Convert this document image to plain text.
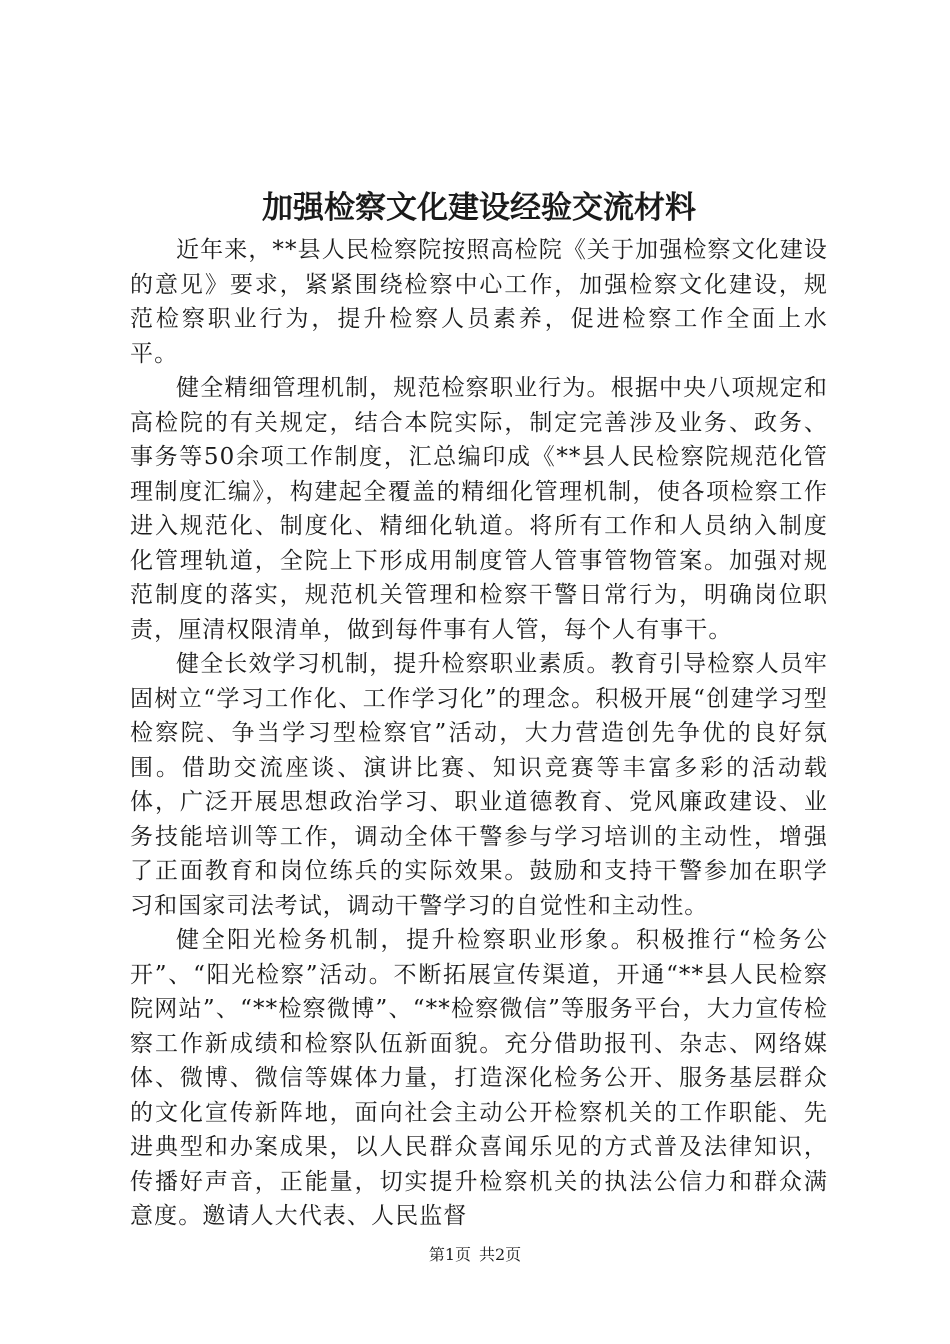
加强检察文化建设经验交流材料

近年来，**县人民检察院按照高检院《关于加强检察文化建设的意见》要求，紧紧围绕检察中心工作，加强检察文化建设，规范检察职业行为，提升检察人员素养，促进检察工作全面上水平。

健全精细管理机制，规范检察职业行为。根据中央八项规定和高检院的有关规定，结合本院实际，制定完善涉及业务、政务、事务等50余项工作制度，汇总编印成《**县人民检察院规范化管理制度汇编》，构建起全覆盖的精细化管理机制，使各项检察工作进入规范化、制度化、精细化轨道。将所有工作和人员纳入制度化管理轨道，全院上下形成用制度管人管事管物管案。加强对规范制度的落实，规范机关管理和检察干警日常行为，明确岗位职责，厘清权限清单，做到每件事有人管，每个人有事干。

健全长效学习机制，提升检察职业素质。教育引导检察人员牢固树立“学习工作化、工作学习化”的理念。积极开展“创建学习型检察院、争当学习型检察官”活动，大力营造创先争优的良好氛围。借助交流座谈、演讲比赛、知识竞赛等丰富多彩的活动载体，广泛开展思想政治学习、职业道德教育、党风廉政建设、业务技能培训等工作，调动全体干警参与学习培训的主动性，增强了正面教育和岗位练兵的实际效果。鼓励和支持干警参加在职学习和国家司法考试，调动干警学习的自觉性和主动性。

健全阳光检务机制，提升检察职业形象。积极推行“检务公开”、“阳光检察”活动。不断拓展宣传渠道，开通“**县人民检察院网站”、“**检察微博”、“**检察微信”等服务平台，大力宣传检察工作新成绩和检察队伍新面貌。充分借助报刊、杂志、网络媒体、微博、微信等媒体力量，打造深化检务公开、服务基层群众的文化宣传新阵地，面向社会主动公开检察机关的工作职能、先进典型和办案成果，以人民群众喜闻乐见的方式普及法律知识，传播好声音，正能量，切实提升检察机关的执法公信力和群众满意度。邀请人大代表、人民监督

第1页 共2页
